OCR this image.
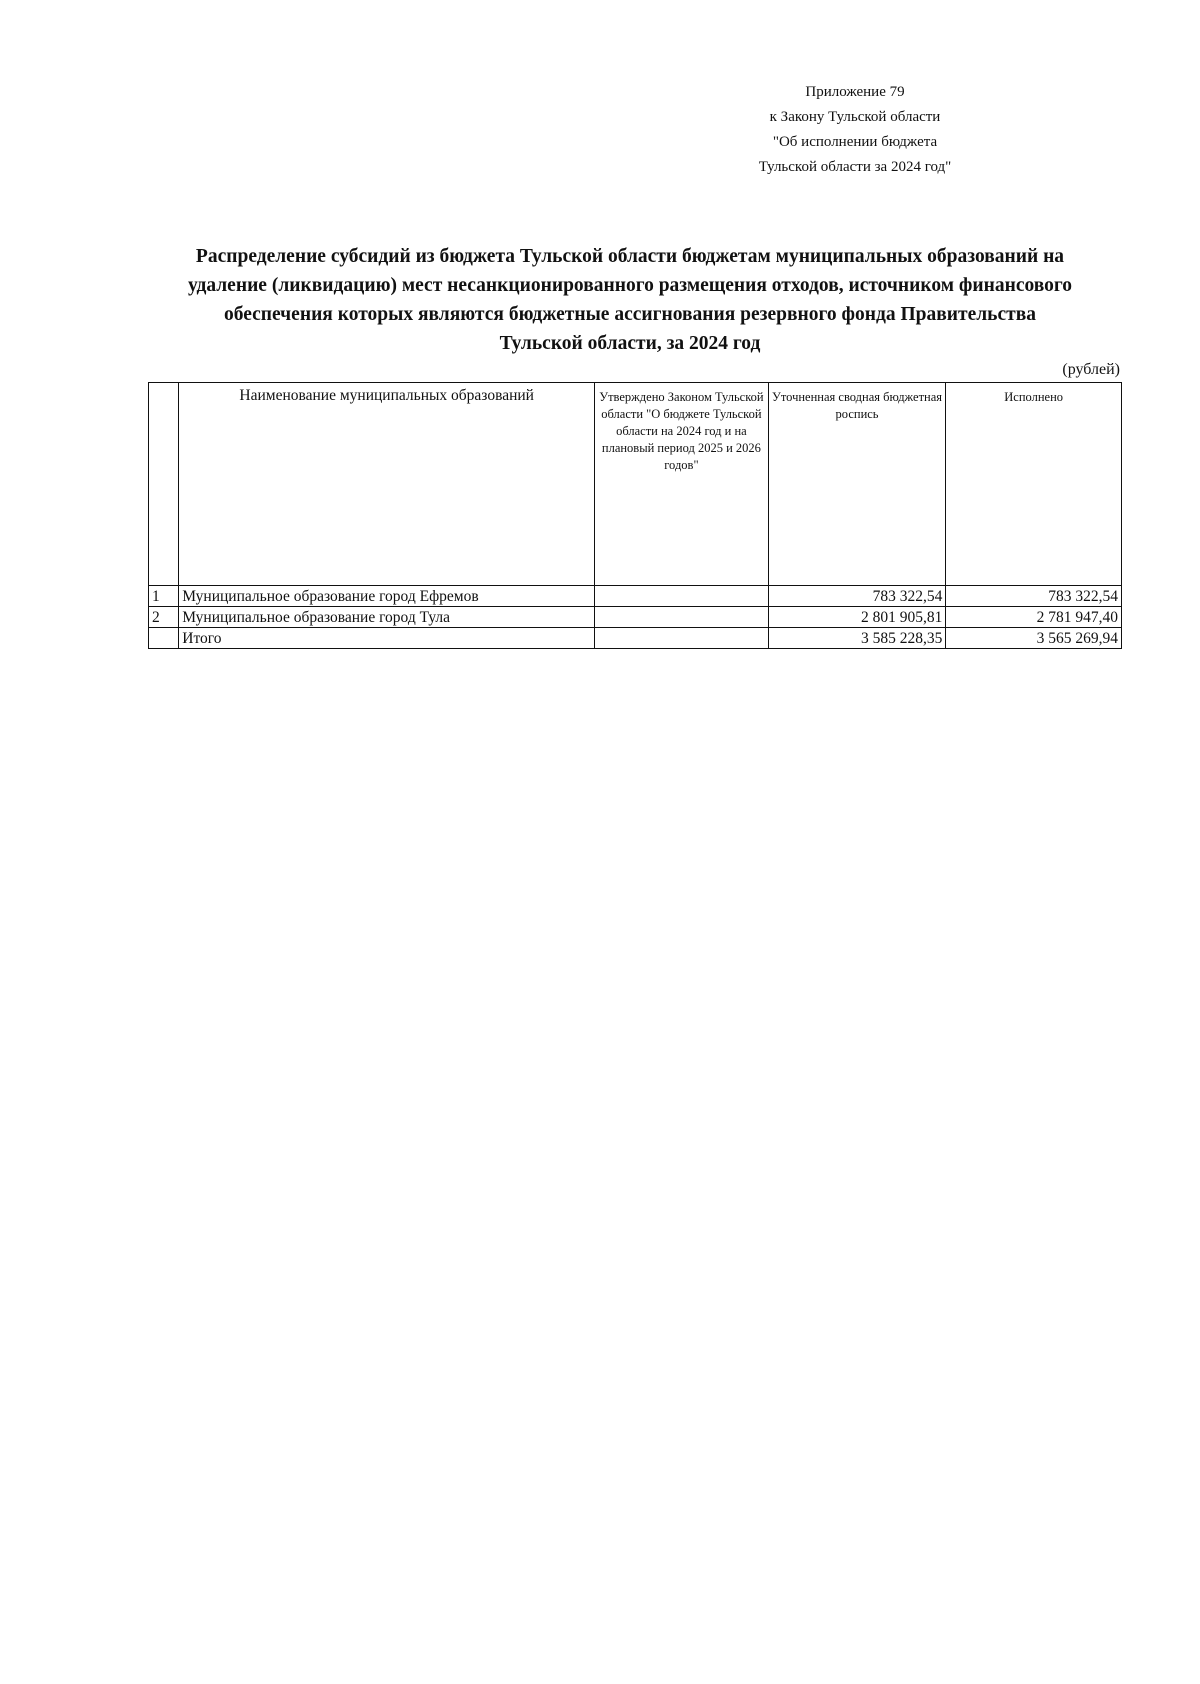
Приложение 79
к Закону Тульской области
"Об исполнении бюджета
Тульской области за 2024 год"
Распределение субсидий из бюджета Тульской области бюджетам муниципальных образований на
удаление (ликвидацию) мест несанкционированного размещения отходов, источником финансового
обеспечения которых являются бюджетные ассигнования резервного фонда Правительства
Тульской области, за 2024 год
(рублей)
	Наименование муниципальных образований	Утверждено Законом Тульской области "О бюджете Тульской области на 2024 год и на плановый период 2025 и 2026 годов"	Уточненная сводная бюджетная роспись	Исполнено
1	Муниципальное образование город Ефремов		783 322,54	783 322,54
2	Муниципальное образование город Тула		2 801 905,81	2 781 947,40
	Итого		3 585 228,35	3 565 269,94
